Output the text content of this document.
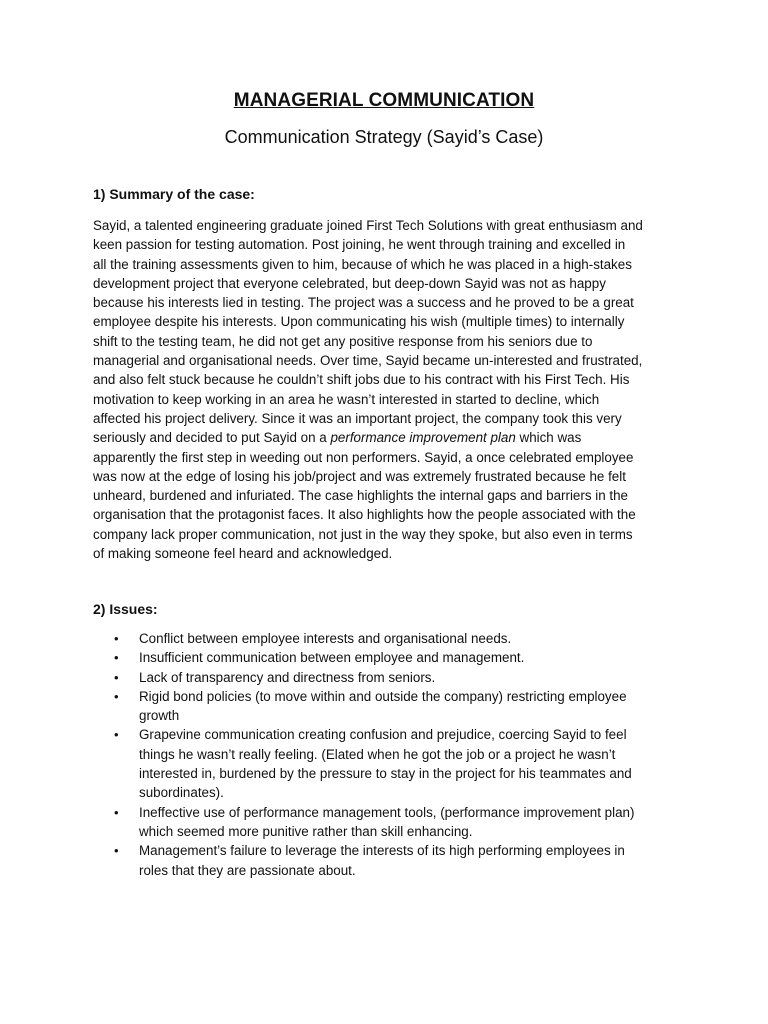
MANAGERIAL COMMUNICATION
Communication Strategy (Sayid’s Case)
1) Summary of the case:

Sayid, a talented engineering graduate joined First Tech Solutions with great enthusiasm and
keen passion for testing automation. Post joining, he went through training and excelled in
all the training assessments given to him, because of which he was placed in a high-stakes
development project that everyone celebrated, but deep-down Sayid was not as happy
because his interests lied in testing. The project was a success and he proved to be a great
employee despite his interests. Upon communicating his wish (multiple times) to internally
shift to the testing team, he did not get any positive response from his seniors due to
managerial and organisational needs. Over time, Sayid became un-interested and frustrated,
and also felt stuck because he couldn’t shift jobs due to his contract with his First Tech. His
motivation to keep working in an area he wasn’t interested in started to decline, which
affected his project delivery. Since it was an important project, the company took this very
seriously and decided to put Sayid on a performance improvement plan which was
apparently the first step in weeding out non performers. Sayid, a once celebrated employee
was now at the edge of losing his job/project and was extremely frustrated because he felt
unheard, burdened and infuriated. The case highlights the internal gaps and barriers in the
organisation that the protagonist faces. It also highlights how the people associated with the
company lack proper communication, not just in the way they spoke, but also even in terms
of making someone feel heard and acknowledged.

2) Issues:
• Conflict between employee interests and organisational needs.
• Insufficient communication between employee and management.
• Lack of transparency and directness from seniors.
• Rigid bond policies (to move within and outside the company) restricting employee
growth
• Grapevine communication creating confusion and prejudice, coercing Sayid to feel
things he wasn’t really feeling. (Elated when he got the job or a project he wasn’t
interested in, burdened by the pressure to stay in the project for his teammates and
subordinates).
• Ineffective use of performance management tools, (performance improvement plan)
which seemed more punitive rather than skill enhancing.
• Management’s failure to leverage the interests of its high performing employees in
roles that they are passionate about.
